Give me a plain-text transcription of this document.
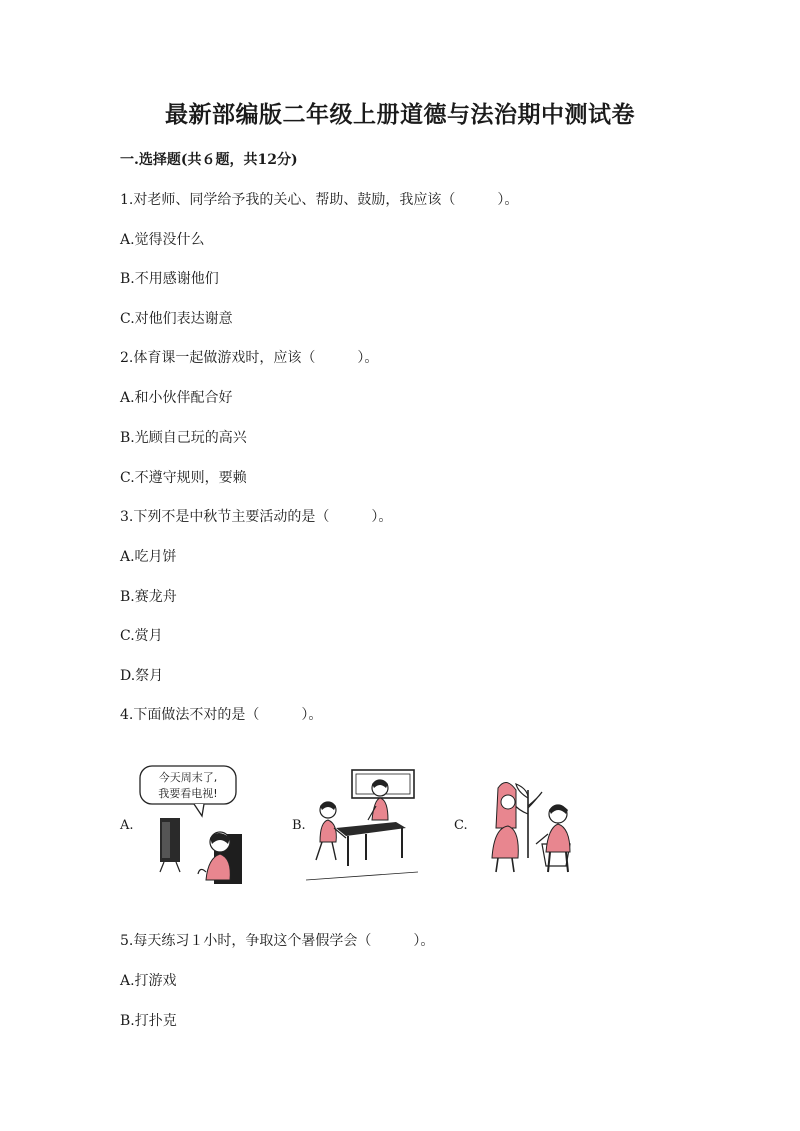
最新部编版二年级上册道德与法治期中测试卷
一.选择题(共６题，共12分)
1.对老师、同学给予我的关心、帮助、鼓励，我应该（　　　）。
A.觉得没什么
B.不用感谢他们
C.对他们表达谢意
2.体育课一起做游戏时，应该（　　　）。
A.和小伙伴配合好
B.光顾自己玩的高兴
C.不遵守规则，要赖
3.下列不是中秋节主要活动的是（　　　）。
A.吃月饼
B.赛龙舟
C.赏月
D.祭月
4.下面做法不对的是（　　　）。
A.
今天周末了,
我要看电视!
B.	C.
5.每天练习１小时，争取这个暑假学会（　　　）。
A.打游戏
B.打扑克
